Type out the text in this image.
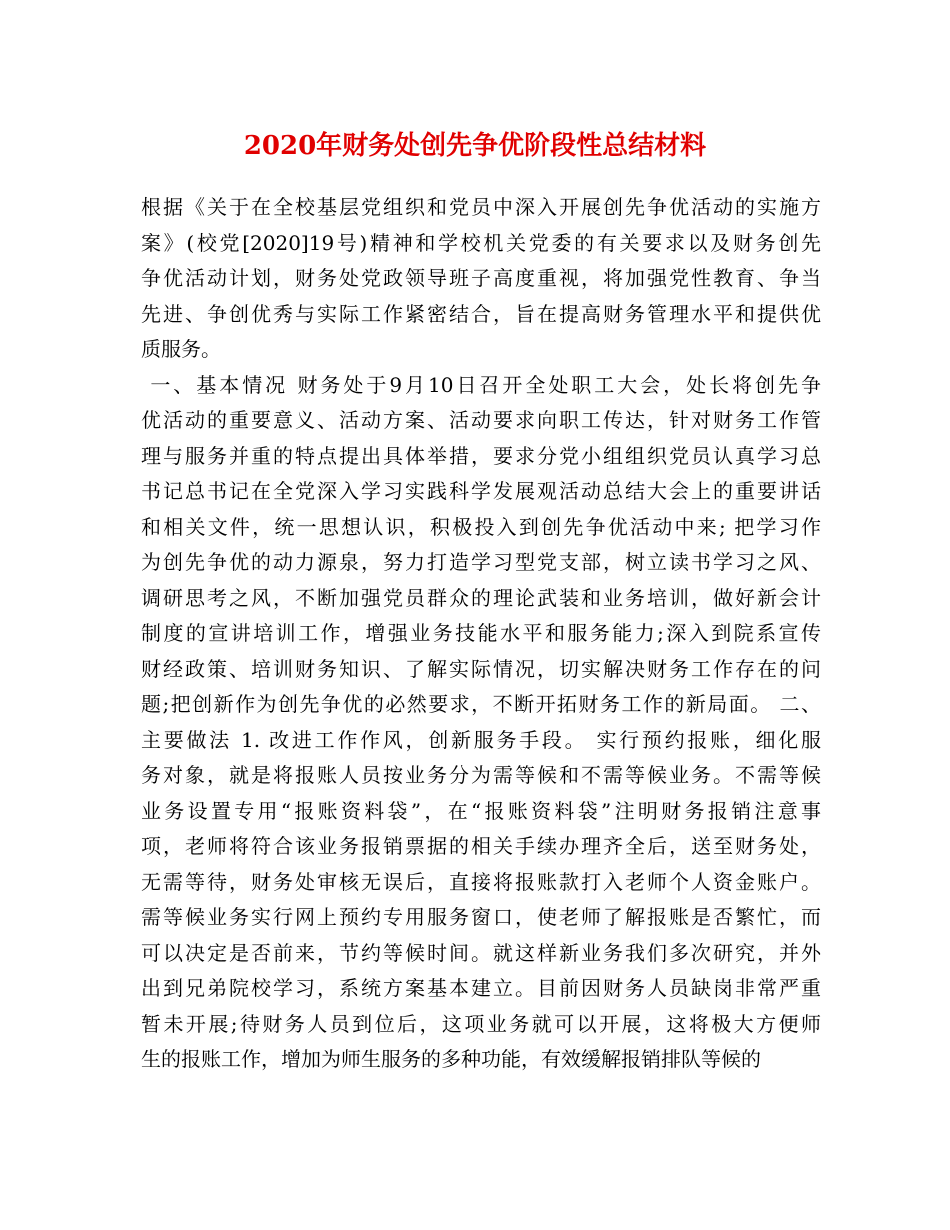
2020年财务处创先争优阶段性总结材料

根据《关于在全校基层党组织和党员中深入开展创先争优活动的实施方

案》(校党[2020]19号)精神和学校机关党委的有关要求以及财务创先

争优活动计划，财务处党政领导班子高度重视，将加强党性教育、争当

先进、争创优秀与实际工作紧密结合，旨在提高财务管理水平和提供优

质服务。

一、基本情况 财务处于9月10日召开全处职工大会，处长将创先争

优活动的重要意义、活动方案、活动要求向职工传达，针对财务工作管

理与服务并重的特点提出具体举措，要求分党小组组织党员认真学习总

书记总书记在全党深入学习实践科学发展观活动总结大会上的重要讲话

和相关文件，统一思想认识，积极投入到创先争优活动中来; 把学习作

为创先争优的动力源泉，努力打造学习型党支部，树立读书学习之风、

调研思考之风，不断加强党员群众的理论武装和业务培训，做好新会计

制度的宣讲培训工作，增强业务技能水平和服务能力;深入到院系宣传

财经政策、培训财务知识、了解实际情况，切实解决财务工作存在的问

题;把创新作为创先争优的必然要求，不断开拓财务工作的新局面。 二、

主要做法 1. 改进工作作风，创新服务手段。 实行预约报账，细化服

务对象，就是将报账人员按业务分为需等候和不需等候业务。不需等候

业务设置专用“报账资料袋”，在“报账资料袋”注明财务报销注意事

项，老师将符合该业务报销票据的相关手续办理齐全后，送至财务处，

无需等待，财务处审核无误后，直接将报账款打入老师个人资金账户。

需等候业务实行网上预约专用服务窗口，使老师了解报账是否繁忙，而

可以决定是否前来，节约等候时间。就这样新业务我们多次研究，并外

出到兄弟院校学习，系统方案基本建立。目前因财务人员缺岗非常严重

暂未开展;待财务人员到位后，这项业务就可以开展，这将极大方便师

生的报账工作，增加为师生服务的多种功能，有效缓解报销排队等候的
